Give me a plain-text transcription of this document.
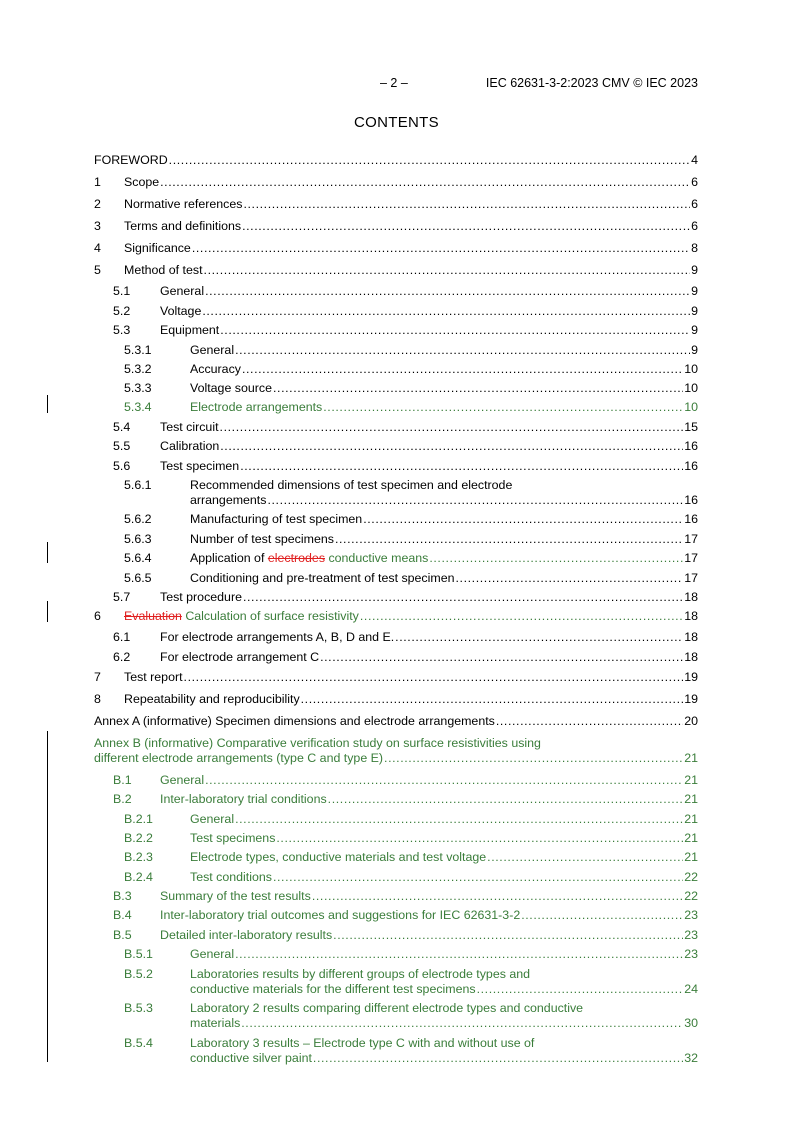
– 2 –	IEC 62631-3-2:2023 CMV © IEC 2023
CONTENTS
FOREWORD .....	4
1 Scope .....	6
2 Normative references .....	6
3 Terms and definitions .....	6
4 Significance .....	8
5 Method of test .....	9
5.1 General .....	9
5.2 Voltage .....	9
5.3 Equipment .....	9
5.3.1	General .....	9
5.3.2	Accuracy .....	10
5.3.3	Voltage source .....	10
5.3.4	Electrode arrangements .....	10
5.4 Test circuit .....	15
5.5 Calibration .....	16
5.6 Test specimen .....	16
5.6.1	Recommended dimensions of test specimen and electrode
arrangements .....	16
5.6.2	Manufacturing of test specimen .....	16
5.6.3	Number of test specimens .....	17
5.6.4	Application of electrodes conductive means .....	17
5.6.5	Conditioning and pre-treatment of test specimen .....	17
5.7 Test procedure .....	18
6 Evaluation Calculation of surface resistivity .....	18
6.1 For electrode arrangements A, B, D and E. .....	18
6.2 For electrode arrangement C .....	18
7 Test report .....	19
8 Repeatability and reproducibility .....	19
Annex A (informative) Specimen dimensions and electrode arrangements .....	20
Annex B (informative) Comparative verification study on surface resistivities using
different electrode arrangements (type C and type E) .....	21
B.1 General .....	21
B.2 Inter-laboratory trial conditions .....	21
B.2.1	General .....	21
B.2.2	Test specimens .....	21
B.2.3	Electrode types, conductive materials and test voltage .....	21
B.2.4	Test conditions .....	22
B.3 Summary of the test results .....	22
B.4 Inter-laboratory trial outcomes and suggestions for IEC 62631-3-2 .....	23
B.5 Detailed inter-laboratory results .....	23
B.5.1	General .....	23
B.5.2	Laboratories results by different groups of electrode types and
conductive materials for the different test specimens .....	24
B.5.3	Laboratory 2 results comparing different electrode types and conductive
materials .....	30
B.5.4	Laboratory 3 results – Electrode type C with and without use of
conductive silver paint .....	32
